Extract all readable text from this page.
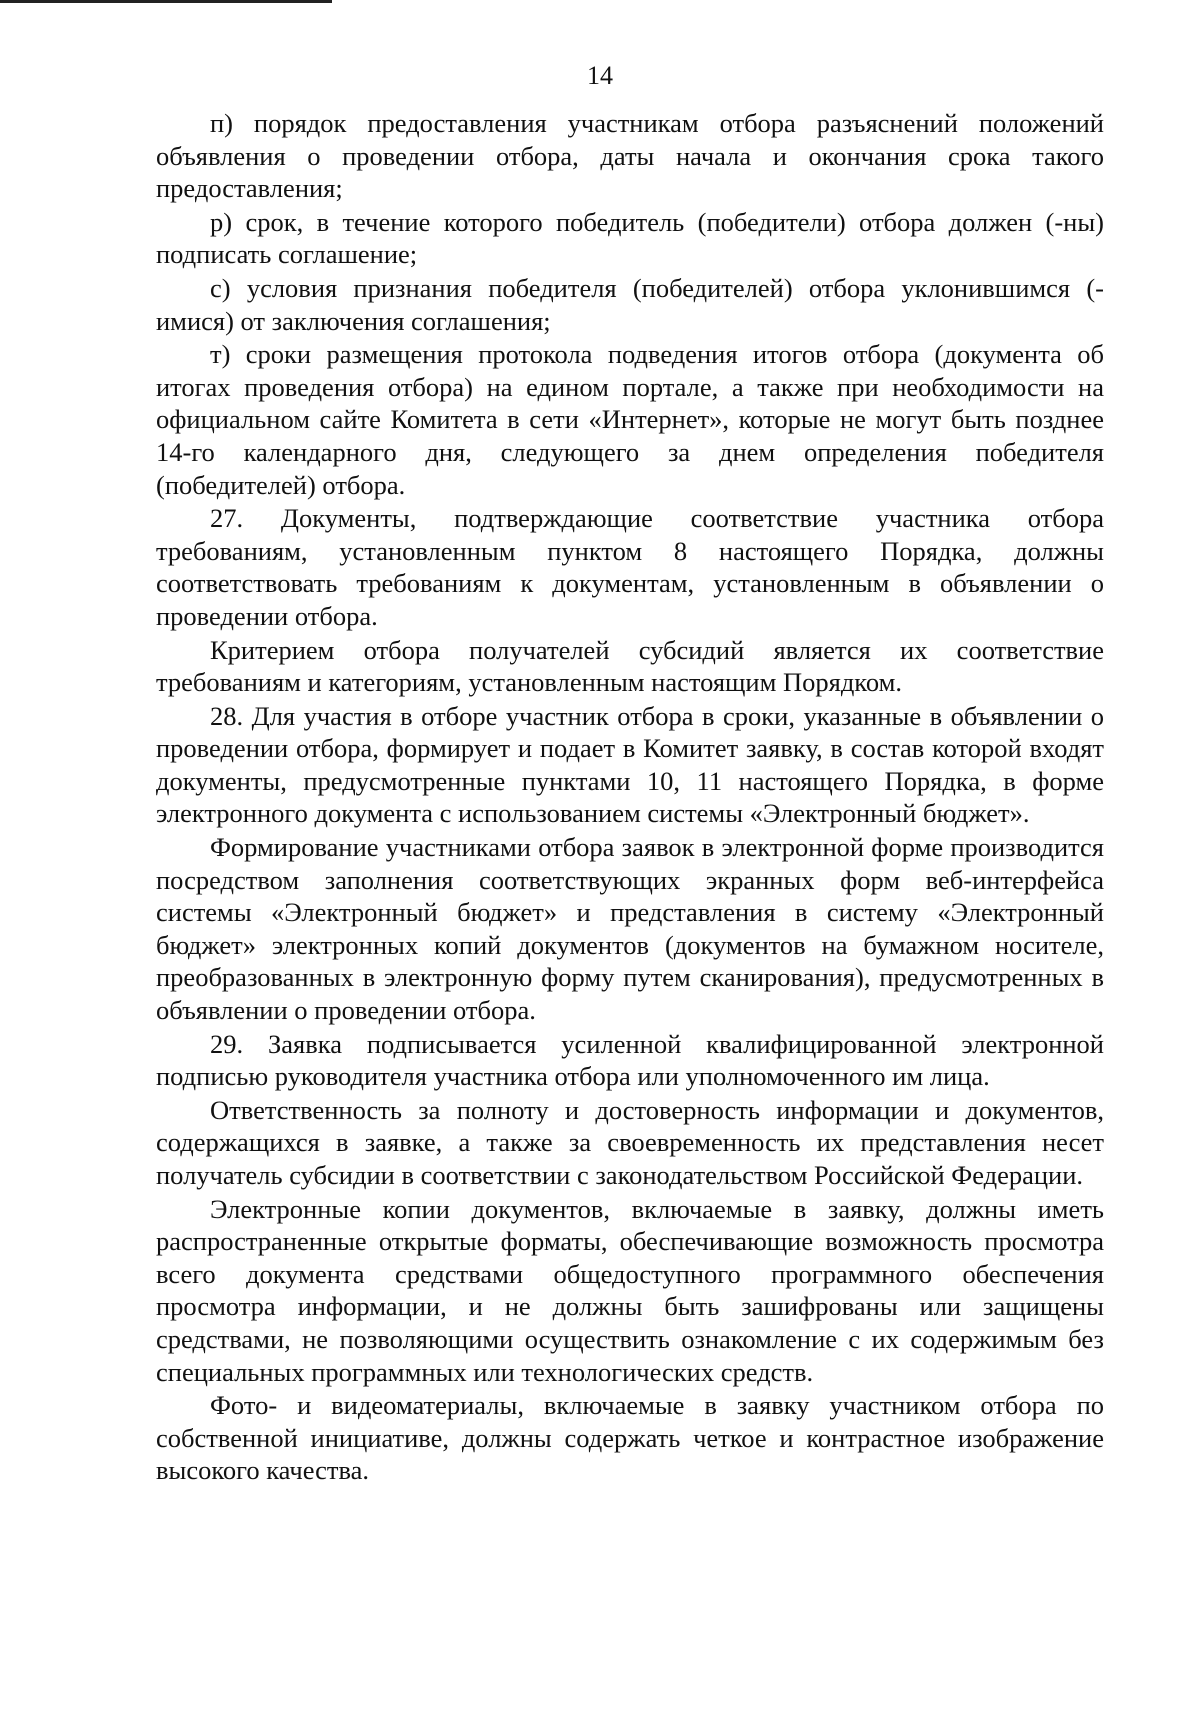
14

п) порядок предоставления участникам отбора разъяснений положений объявления о проведении отбора, даты начала и окончания срока такого предоставления;

р) срок, в течение которого победитель (победители) отбора должен (-ны) подписать соглашение;

с) условия признания победителя (победителей) отбора уклонившимся (-имися) от заключения соглашения;

т) сроки размещения протокола подведения итогов отбора (документа об итогах проведения отбора) на едином портале, а также при необходимости на официальном сайте Комитета в сети «Интернет», которые не могут быть позднее 14-го календарного дня, следующего за днем определения победителя (победителей) отбора.

27. Документы, подтверждающие соответствие участника отбора требованиям, установленным пунктом 8 настоящего Порядка, должны соответствовать требованиям к документам, установленным в объявлении о проведении отбора.

Критерием отбора получателей субсидий является их соответствие требованиям и категориям, установленным настоящим Порядком.

28. Для участия в отборе участник отбора в сроки, указанные в объявлении о проведении отбора, формирует и подает в Комитет заявку, в состав которой входят документы, предусмотренные пунктами 10, 11 настоящего Порядка, в форме электронного документа с использованием системы «Электронный бюджет».

Формирование участниками отбора заявок в электронной форме производится посредством заполнения соответствующих экранных форм веб-интерфейса системы «Электронный бюджет» и представления в систему «Электронный бюджет» электронных копий документов (документов на бумажном носителе, преобразованных в электронную форму путем сканирования), предусмотренных в объявлении о проведении отбора.

29. Заявка подписывается усиленной квалифицированной электронной подписью руководителя участника отбора или уполномоченного им лица.

Ответственность за полноту и достоверность информации и документов, содержащихся в заявке, а также за своевременность их представления несет получатель субсидии в соответствии с законодательством Российской Федерации.

Электронные копии документов, включаемые в заявку, должны иметь распространенные открытые форматы, обеспечивающие возможность просмотра всего документа средствами общедоступного программного обеспечения просмотра информации, и не должны быть зашифрованы или защищены средствами, не позволяющими осуществить ознакомление с их содержимым без специальных программных или технологических средств.

Фото- и видеоматериалы, включаемые в заявку участником отбора по собственной инициативе, должны содержать четкое и контрастное изображение высокого качества.
